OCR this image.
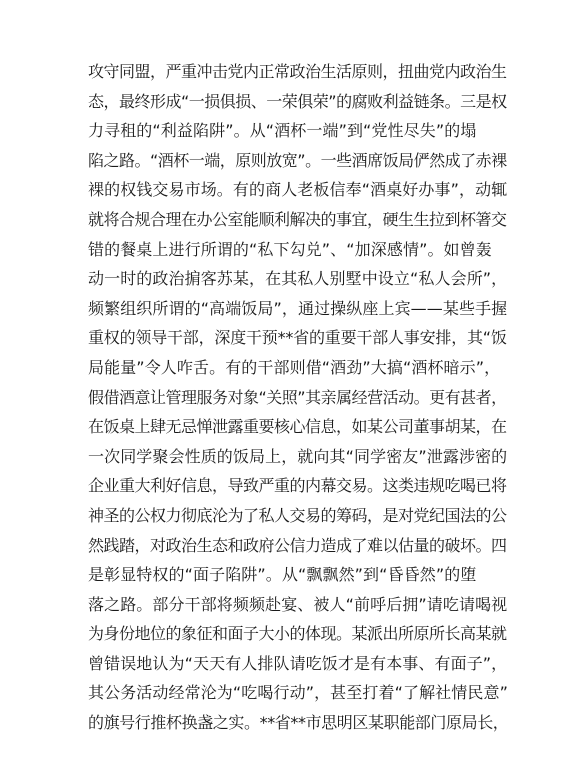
攻守同盟，严重冲击党内正常政治生活原则，扭曲党内政治生
态，最终形成“一损俱损、一荣俱荣”的腐败利益链条。三是权
力寻租的“利益陷阱”。从“酒杯一端”到“党性尽失”的塌
陷之路。“酒杯一端，原则放宽”。一些酒席饭局俨然成了赤裸
裸的权钱交易市场。有的商人老板信奉“酒桌好办事”，动辄
就将合规合理在办公室能顺利解决的事宜，硬生生拉到杯箸交
错的餐桌上进行所谓的“私下勾兑”、“加深感情”。如曾轰
动一时的政治掮客苏某，在其私人别墅中设立“私人会所”，
频繁组织所谓的“高端饭局”，通过操纵座上宾——某些手握
重权的领导干部，深度干预**省的重要干部人事安排，其“饭
局能量”令人咋舌。有的干部则借“酒劲”大搞“酒杯暗示”，
假借酒意让管理服务对象“关照”其亲属经营活动。更有甚者，
在饭桌上肆无忌惮泄露重要核心信息，如某公司董事胡某，在
一次同学聚会性质的饭局上，就向其“同学密友”泄露涉密的
企业重大利好信息，导致严重的内幕交易。这类违规吃喝已将
神圣的公权力彻底沦为了私人交易的筹码，是对党纪国法的公
然践踏，对政治生态和政府公信力造成了难以估量的破坏。四
是彰显特权的“面子陷阱”。从“飘飘然”到“昏昏然”的堕
落之路。部分干部将频频赴宴、被人“前呼后拥”请吃请喝视
为身份地位的象征和面子大小的体现。某派出所原所长高某就
曾错误地认为“天天有人排队请吃饭才是有本事、有面子”，
其公务活动经常沦为“吃喝行动”，甚至打着“了解社情民意”
的旗号行推杯换盏之实。**省**市思明区某职能部门原局长，
